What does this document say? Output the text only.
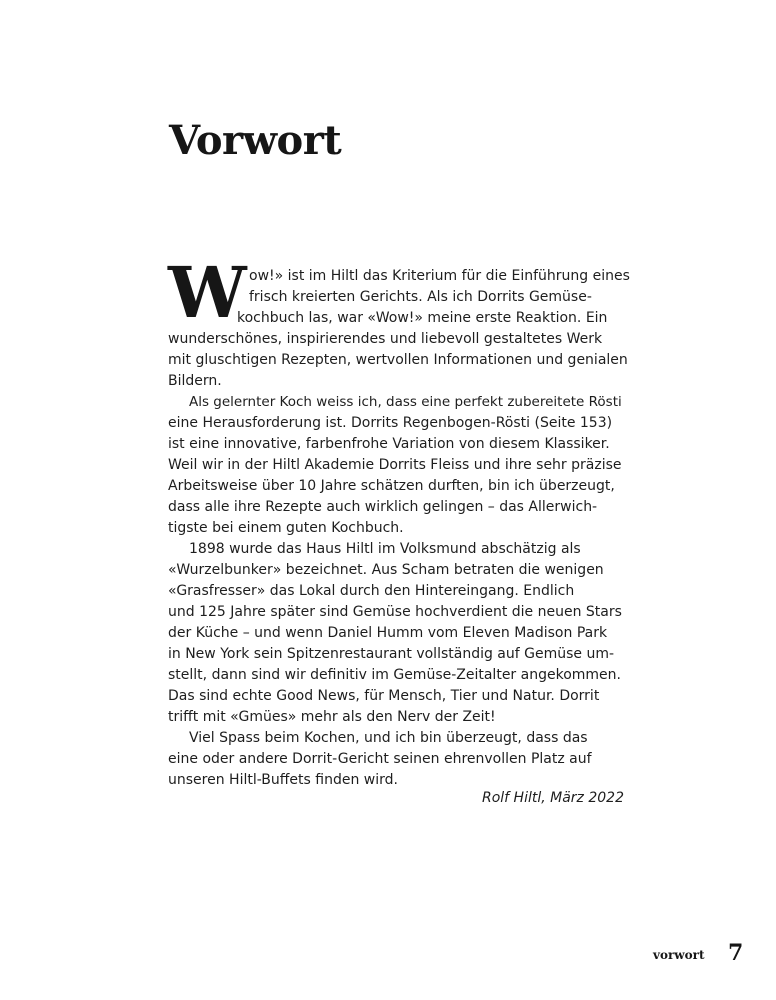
Vorwort
W ow!» ist im Hiltl das Kriterium für die Einführung eines
frisch kreierten Gerichts. Als ich Dorrits Gemüse-
kochbuch las, war «Wow!» meine erste Reaktion. Ein
wunderschönes, inspirierendes und liebevoll gestaltetes Werk
mit gluschtigen Rezepten, wertvollen Informationen und genialen
Bildern.
Als gelernter Koch weiss ich, dass eine perfekt zubereitete Rösti
eine Herausforderung ist. Dorrits Regenbogen-Rösti (Seite 153)
ist eine innovative, farbenfrohe Variation von diesem Klassiker.
Weil wir in der Hiltl Akademie Dorrits Fleiss und ihre sehr präzise
Arbeitsweise über 10 Jahre schätzen durften, bin ich überzeugt,
dass alle ihre Rezepte auch wirklich gelingen – das Allerwich-
tigste bei einem guten Kochbuch.
1898 wurde das Haus Hiltl im Volksmund abschätzig als
«Wurzelbunker» bezeichnet. Aus Scham betraten die wenigen
«Grasfresser» das Lokal durch den Hintereingang. Endlich
und 125 Jahre später sind Gemüse hochverdient die neuen Stars
der Küche – und wenn Daniel Humm vom Eleven Madison Park
in New York sein Spitzenrestaurant vollständig auf Gemüse um-
stellt, dann sind wir definitiv im Gemüse-Zeitalter angekommen.
Das sind echte Good News, für Mensch, Tier und Natur. Dorrit
trifft mit «Gmües» mehr als den Nerv der Zeit!
Viel Spass beim Kochen, und ich bin überzeugt, dass das
eine oder andere Dorrit-Gericht seinen ehrenvollen Platz auf
unseren Hiltl-Buffets finden wird.
Rolf Hiltl, März 2022
vorwort 7
